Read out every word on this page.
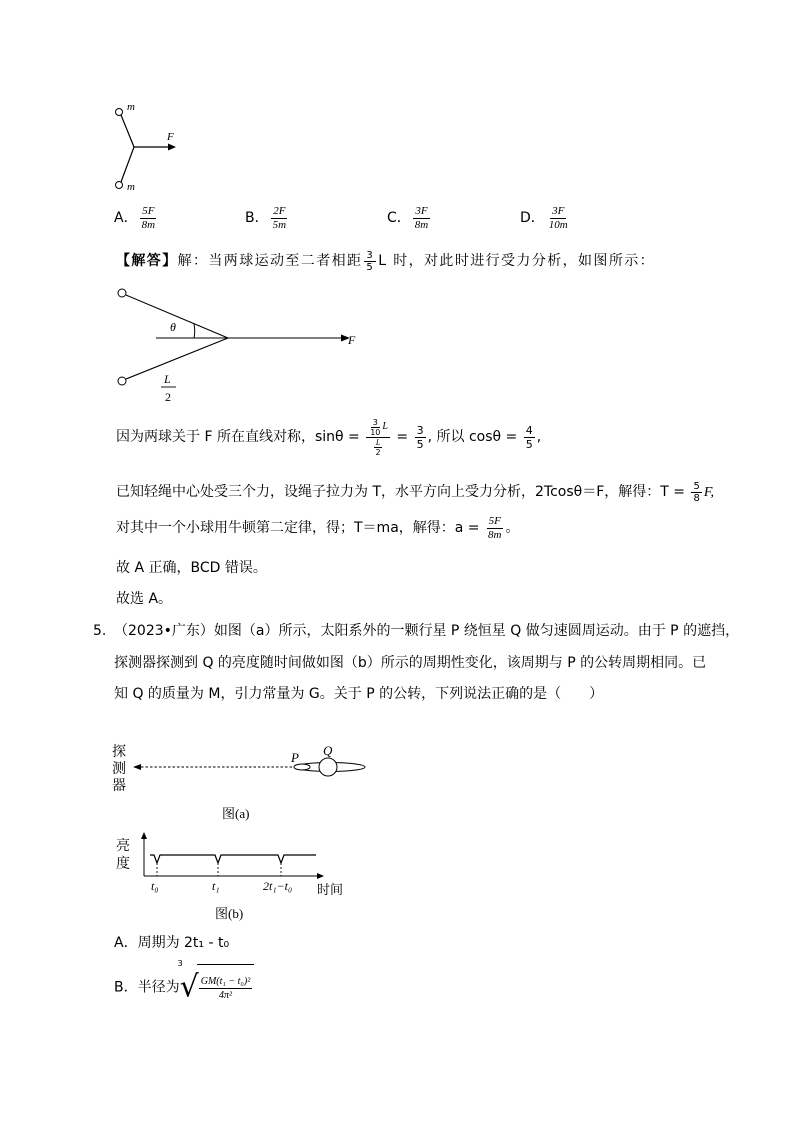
m
m
F
A． $\frac{5F}{8m}$	B． $\frac{2F}{5m}$	C． $\frac{3F}{8m}$	D． $\frac{3F}{10m}$
【解答】解：当两球运动至二者相距 $\frac{3}{5}$ L 时，对此时进行受力分析，如图所示：
θ
F
L
2
因为两球关于 F 所在直线对称，$\sin\theta = \frac{\frac{3}{10} L}{\frac{L}{2}} = \frac{3}{5}$ , 所以 $\cos\theta = \frac{4}{5}$ ,
已知轻绳中心处受三个力，设绳子拉力为 T，水平方向上受力分析，2Tcosθ＝F，解得：$T = \frac{5}{8} F$,
对其中一个小球用牛顿第二定律，得；T＝ma，解得：$a = \frac{5F}{8m}$ 。
故 A 正确，BCD 错误。
故选 A。
5. （2023•广东）如图（a）所示，太阳系外的一颗行星 P 绕恒星 Q 做匀速圆周运动。由于 P 的遮挡，
探测器探测到 Q 的亮度随时间做如图（b）所示的周期性变化，该周期与 P 的公转周期相同。已
知 Q 的质量为 M，引力常量为 G。关于 P 的公转，下列说法正确的是（　　）
探
测
器
P Q
图(a)
亮
度
t₀	t₁	2t₁−t₀ 时间
图(b)
A．周期为 2t₁ - t₀
B．半径为
3
√ $\frac{\text{GM(t₁ − t₀)²}}{\text{4π²}}$
